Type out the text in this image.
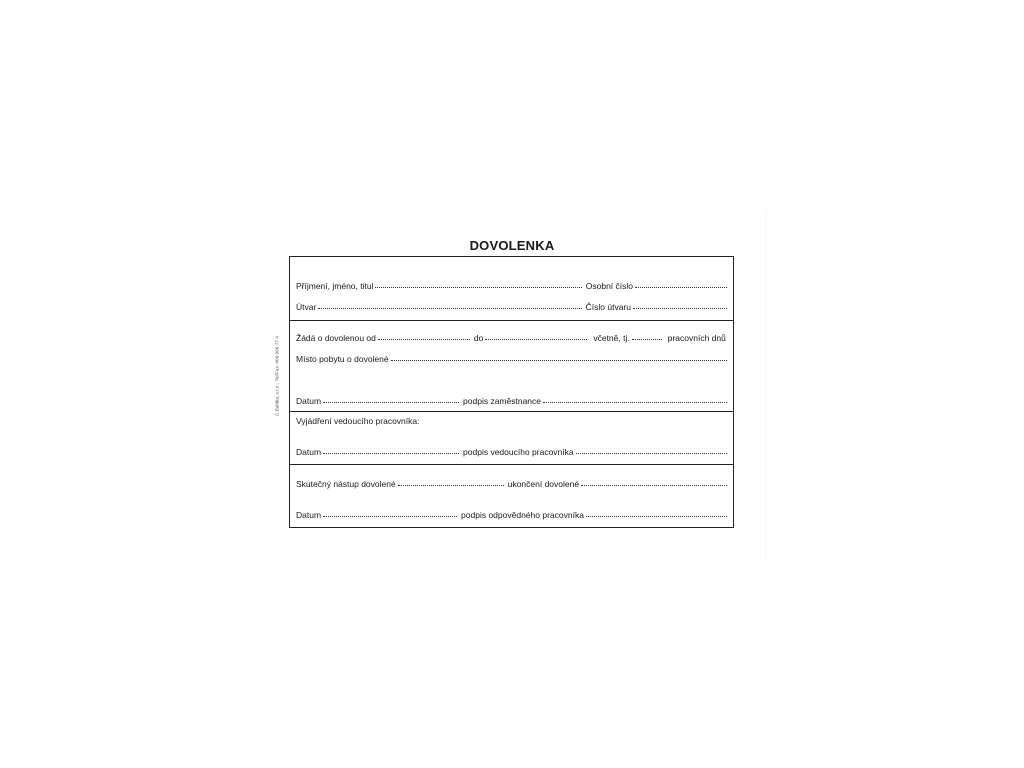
Č.Baltika, s.r.o., Tel/Fax: 000 000 77 4
DOVOLENKA
Příjmení, jméno, titul	Osobní číslo
Útvar	Číslo útvaru
Žádá o dovolenou od	do	včetně, tj.	pracovních dnů
Místo pobytu o dovolené
Datum	podpis zaměstnance
Vyjádření vedoucího pracovníka:
Datum	podpis vedoucího pracovníka
Skutečný nástup dovolené	ukončení dovolené
Datum	podpis odpovědného pracovníka
